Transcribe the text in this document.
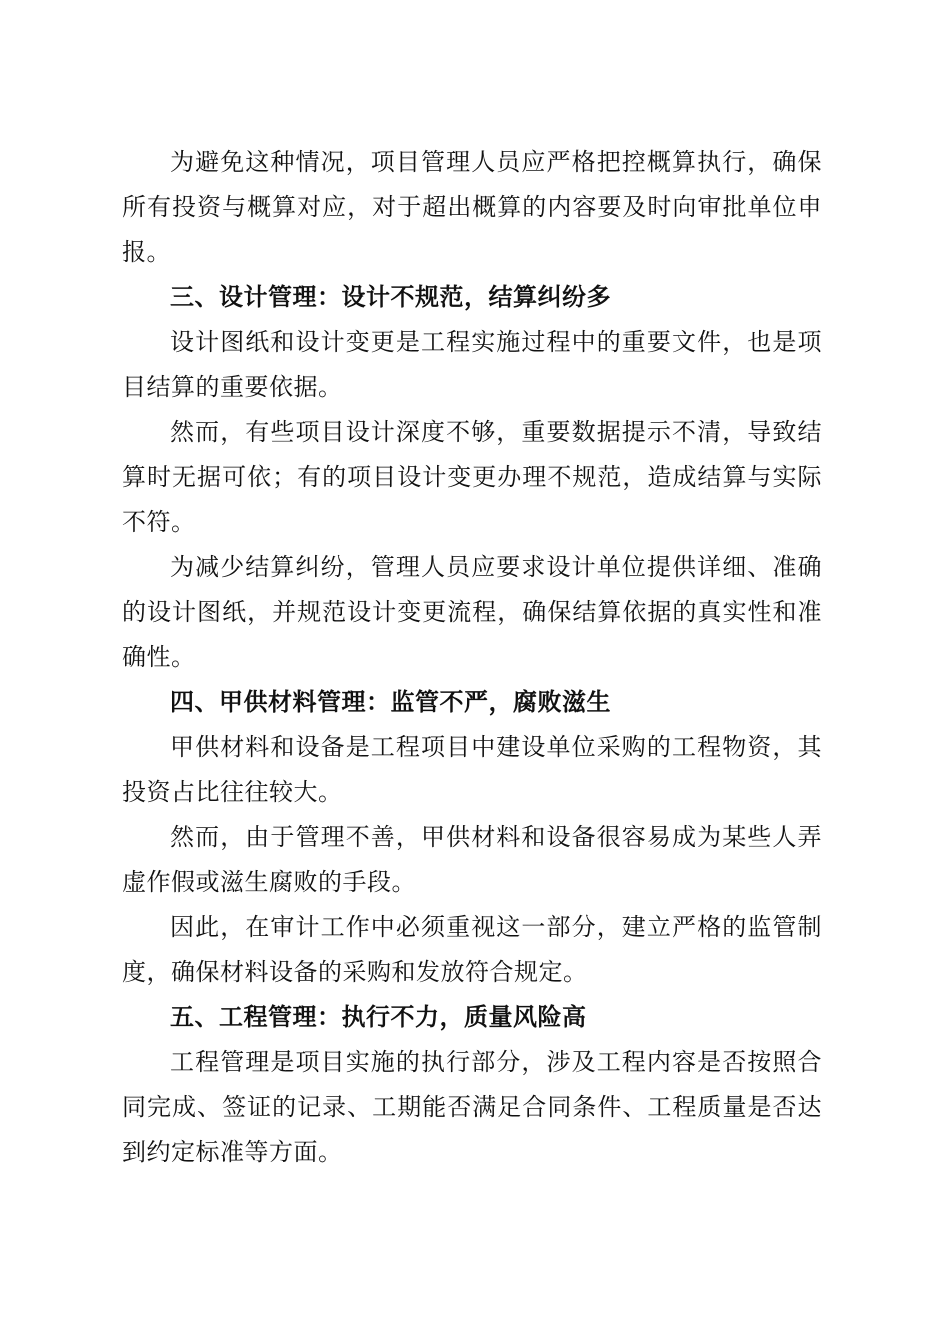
为避免这种情况，项目管理人员应严格把控概算执行，确保所有投资与概算对应，对于超出概算的内容要及时向审批单位申报。

三、设计管理：设计不规范，结算纠纷多

设计图纸和设计变更是工程实施过程中的重要文件，也是项目结算的重要依据。

然而，有些项目设计深度不够，重要数据提示不清，导致结算时无据可依；有的项目设计变更办理不规范，造成结算与实际不符。

为减少结算纠纷，管理人员应要求设计单位提供详细、准确的设计图纸，并规范设计变更流程，确保结算依据的真实性和准确性。

四、甲供材料管理：监管不严，腐败滋生

甲供材料和设备是工程项目中建设单位采购的工程物资，其投资占比往往较大。

然而，由于管理不善，甲供材料和设备很容易成为某些人弄虚作假或滋生腐败的手段。

因此，在审计工作中必须重视这一部分，建立严格的监管制度，确保材料设备的采购和发放符合规定。

五、工程管理：执行不力，质量风险高

工程管理是项目实施的执行部分，涉及工程内容是否按照合同完成、签证的记录、工期能否满足合同条件、工程质量是否达到约定标准等方面。
